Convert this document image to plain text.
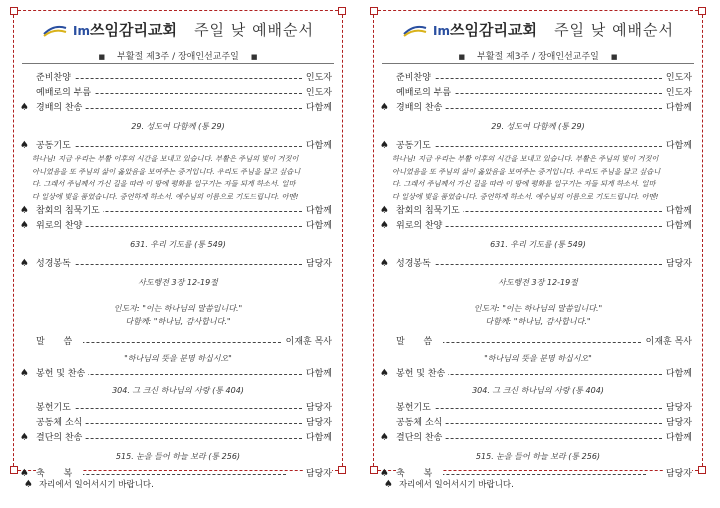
Im쓰임감리교회 주일 낮 예배순서
■ 부활절 제3주 / 장애인선교주일 ■
준비찬양	인도자
예배로의 부름	인도자
♠ 경배의 찬송	다함께
29. 성도여 다함께 (통 29)
♠ 공동기도	다함께
하나님! 지금 우리는 부활 이후의 시간을 보내고 있습니다. 부활은 주님의 빛이 거짓이
아니었음을 또 주님의 삶이 옳았음을 보여주는 증거입니다. 우리도 주님을 닮고 싶습니
다. 그래서 주님께서 가신 길을 따라 이 땅에 평화를 일구기는 자들 되게 하소서. 일마
다 일상에 빛을 품었습니다. 증언하게 하소서. 예수님의 이름으로 기도드립니다. 아멘!
♠ 참회의 침묵기도	다함께
♠ 위로의 찬양	다함께
631. 우리 기도를 (통 549)
♠ 성경봉독	담당자
사도행전 3장 12-19절
인도자: "이는 하나님의 말씀입니다."
다함께: "하나님, 감사합니다."
말 씀	이재훈 목사
"하나님의 뜻을 분명 하십시오"
♠ 봉헌 및 찬송	다함께
304. 그 크신 하나님의 사랑 (통 404)
봉헌기도	담당자
공동체 소식	담당자
♠ 결단의 찬송	다함께
515. 눈을 들어 하늘 보라 (통 256)
♠ 축 복	담당자
Im쓰임감리교회 주일 낮 예배순서
■ 부활절 제3주 / 장애인선교주일 ■
준비찬양	인도자
예배로의 부름	인도자
♠ 경배의 찬송	다함께
29. 성도여 다함께 (통 29)
♠ 공동기도	다함께
하나님! 지금 우리는 부활 이후의 시간을 보내고 있습니다. 부활은 주님의 빛이 거짓이
아니었음을 또 주님의 삶이 옳았음을 보여주는 증거입니다. 우리도 주님을 닮고 싶습니
다. 그래서 주님께서 가신 길을 따라 이 땅에 평화를 일구기는 자들 되게 하소서. 일마
다 일상에 빛을 품었습니다. 증언하게 하소서. 예수님의 이름으로 기도드립니다. 아멘!
♠ 참회의 침묵기도	다함께
♠ 위로의 찬양	다함께
631. 우리 기도를 (통 549)
♠ 성경봉독	담당자
사도행전 3장 12-19절
인도자: "이는 하나님의 말씀입니다."
다함께: "하나님, 감사합니다."
말 씀	이재훈 목사
"하나님의 뜻을 분명 하십시오"
♠ 봉헌 및 찬송	다함께
304. 그 크신 하나님의 사랑 (통 404)
봉헌기도	담당자
공동체 소식	담당자
♠ 결단의 찬송	다함께
515. 눈을 들어 하늘 보라 (통 256)
♠ 축 복	담당자
♠ 자리에서 일어서시기 바랍니다.	♠ 자리에서 일어서시기 바랍니다.
